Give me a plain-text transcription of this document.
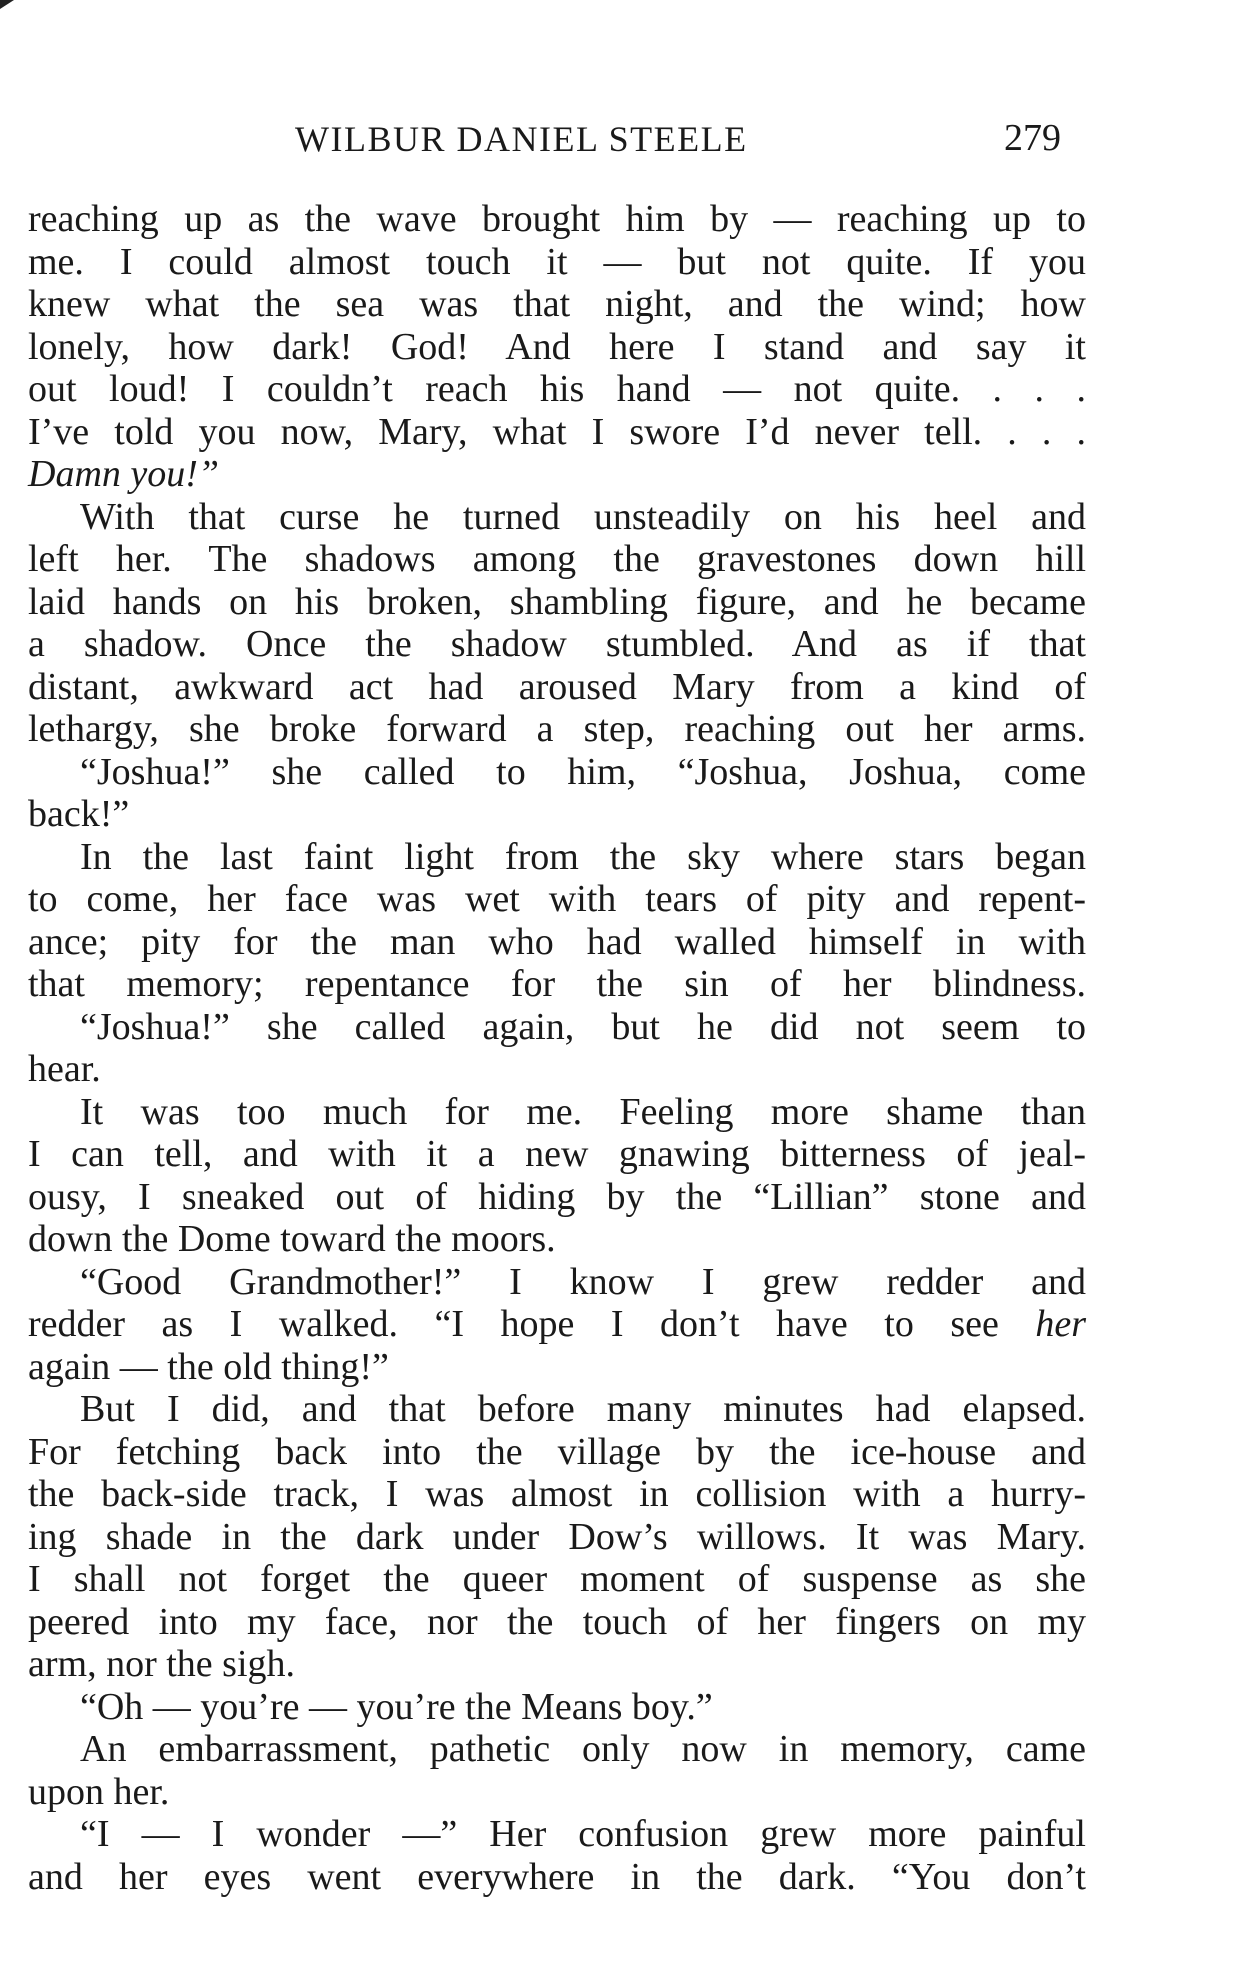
WILBUR DANIEL STEELE	279
reaching up as the wave brought him by — reaching up to
me. I could almost touch it — but not quite. If you
knew what the sea was that night, and the wind; how
lonely, how dark! God! And here I stand and say it
out loud! I couldn’t reach his hand — not quite. . . .
I’ve told you now, Mary, what I swore I’d never tell. . . .
Damn you!”
With that curse he turned unsteadily on his heel and
left her. The shadows among the gravestones down hill
laid hands on his broken, shambling figure, and he became
a shadow. Once the shadow stumbled. And as if that
distant, awkward act had aroused Mary from a kind of
lethargy, she broke forward a step, reaching out her arms.
“Joshua!” she called to him, “Joshua, Joshua, come
back!”
In the last faint light from the sky where stars began
to come, her face was wet with tears of pity and repent-
ance; pity for the man who had walled himself in with
that memory; repentance for the sin of her blindness.
“Joshua!” she called again, but he did not seem to
hear.
It was too much for me. Feeling more shame than
I can tell, and with it a new gnawing bitterness of jeal-
ousy, I sneaked out of hiding by the “Lillian” stone and
down the Dome toward the moors.
“Good Grandmother!” I know I grew redder and
redder as I walked. “I hope I don’t have to see her
again — the old thing!”
But I did, and that before many minutes had elapsed.
For fetching back into the village by the ice-house and
the back-side track, I was almost in collision with a hurry-
ing shade in the dark under Dow’s willows. It was Mary.
I shall not forget the queer moment of suspense as she
peered into my face, nor the touch of her fingers on my
arm, nor the sigh.
“Oh — you’re — you’re the Means boy.”
An embarrassment, pathetic only now in memory, came
upon her.
“I — I wonder —” Her confusion grew more painful
and her eyes went everywhere in the dark. “You don’t
